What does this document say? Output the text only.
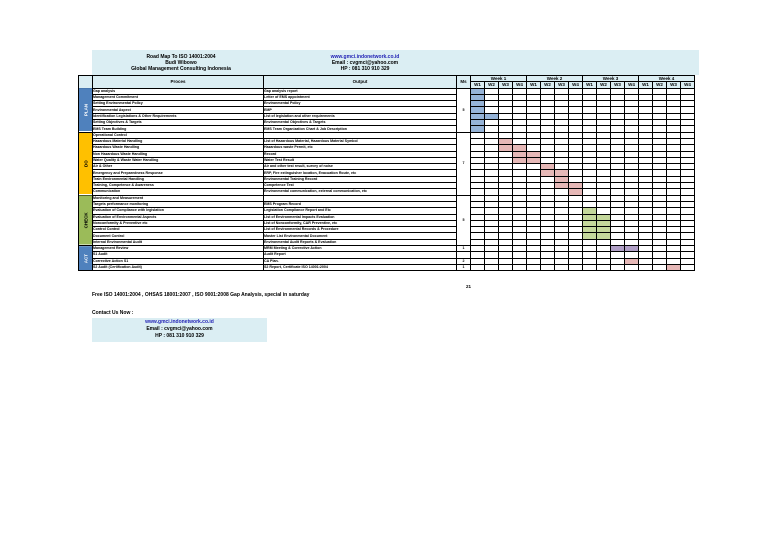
Road Map To ISO 14001:2004
Budi Wibowo
Global Management Consulting Indonesia
www.gmci.indonetwork.co.id
Email : cvgmci@yahoo.com
HP : 081 310 910 329
	Proces	Output	Ms	Week 1				Week 2				Week 3				Week 4			
				W1	W2	W3	W4	W1	W2	W3	W4	W1	W2	W3	W4	W1	W2	W3	W4
PLAN	Gap analysis	Gap analysis report	5																
	Management Commitment	Letter of EMS appointment																	
	Setting Environmental Policy	Environmental Policy																	
	Environmental Aspect	EMP																	
	Identification Legislations & Other Requirements	List of legislation and other requirements																	
	Setting Objectives & Targets	Environmental Objectives & Targets																	
	EMS Team Building	EMS Team Organization Chart & Job Description																	
DO	Operational Control		7																
	Hazardous Material Handling	List of Hazardous Material, Hazardous Material Symbol																	
	Hazardous Waste Handling	Hazardous waste Permit, etc																	
	Non Hazardous Waste Handling	Record																	
	Water Quality & Waste Water Handling	Water Test Result																	
	Air & Other	Air and other test result, survey of noise																	
	Emergency and Preparedness Response	ERP, Fire extinguisher location, Evacuation Route, etc																	
	Train Environmental Handling	Environmental Training Record																	
	Training, Competence & Awareness	Competence Test																	
	Communication	Environmental communication, external communication, etc																	
CHECK	Monitoring and Measurement		5																
	Targets performance monitoring	EMS Program Record																	
	Evaluation of Compliance with legislation	Legislation Compliance Report and Etc																	
	Evaluation of Environmental Aspects	List of Environmental Impacts Evaluation																	
	Nonconformity & Preventive etc	List of Nonconformity, CAR Preventive, etc																	
	Control Control	List of Environmental Records & Procedure																	
	Document Control	Master List Environmental Document																	
	Internal Environmental Audit	Environmental Audit Reports & Evaluation																	
ACT	Management Review	MRM Meeting & Corrective Action	1																
	S1 Audit	Audit Report																	
	Corrective Action S1	CA Plan.	2																
	S2 Audit (Certification Audit)	S2 Report, Certificate ISO 14001:2004	1																
21
Free ISO 14001:2004 , OHSAS 18001:2007 , ISO 9001:2008 Gap Analysis, special in saturday
Contact Us Now :
www.gmci.indonetwork.co.id
Email : cvgmci@yahoo.com
HP : 081 310 910 329
